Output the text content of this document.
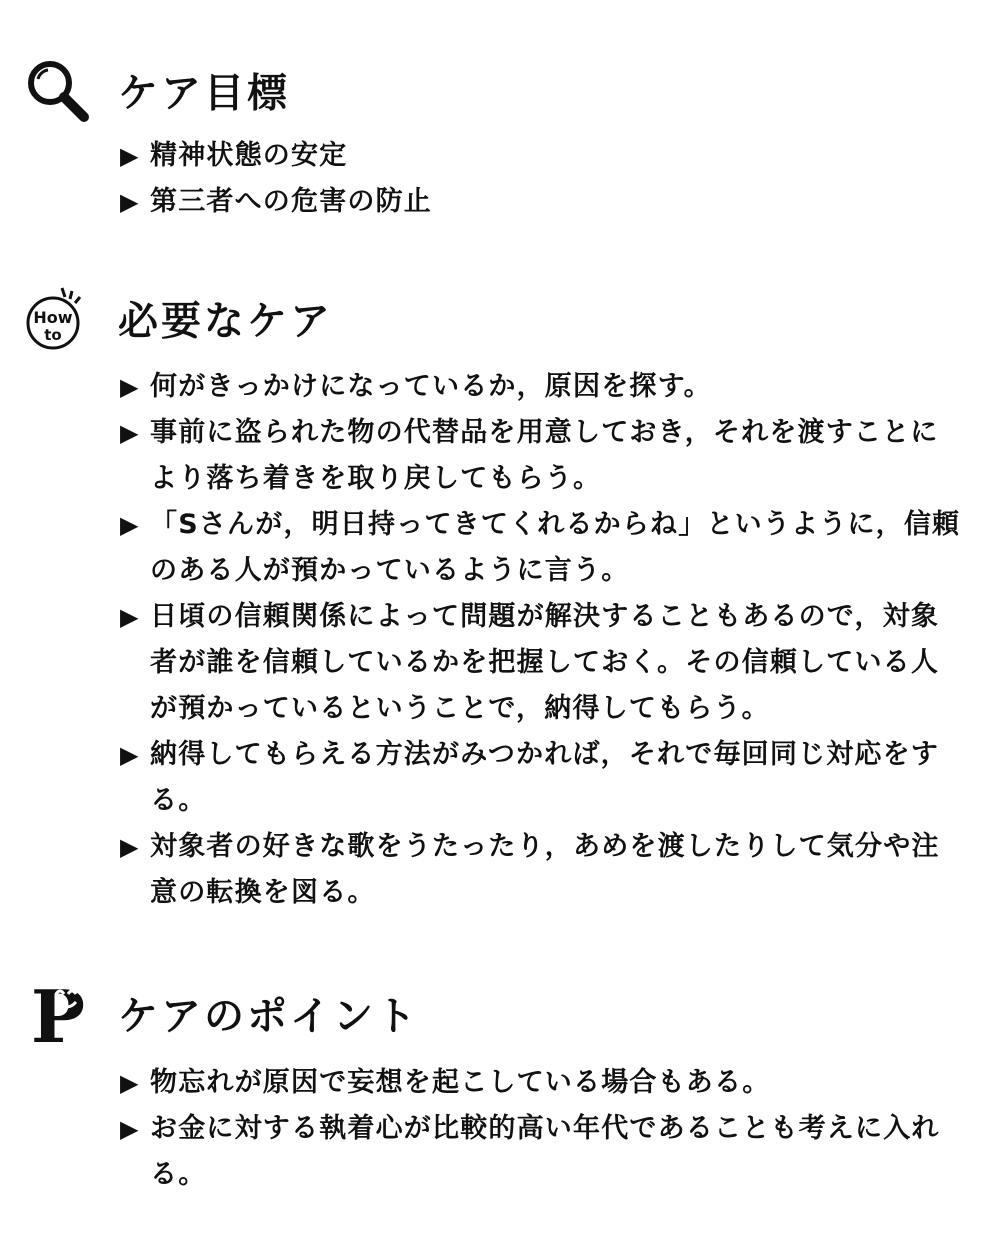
ケア目標
▶ 精神状態の安定
▶ 第三者への危害の防止
How
to 必要なケア
▶ 何がきっかけになっているか，原因を探す。
▶ 事前に盗られた物の代替品を用意しておき，それを渡すことにより落ち着きを取り戻してもらう。
▶ 「Sさんが，明日持ってきてくれるからね」というように，信頼のある人が預かっているように言う。
▶ 日頃の信頼関係によって問題が解決することもあるので，対象者が誰を信頼しているかを把握しておく。その信頼している人が預かっているということで，納得してもらう。
▶ 納得してもらえる方法がみつかれば，それで毎回同じ対応をする。
▶ 対象者の好きな歌をうたったり，あめを渡したりして気分や注意の転換を図る。
P ケアのポイント
▶ 物忘れが原因で妄想を起こしている場合もある。
▶ お金に対する執着心が比較的高い年代であることも考えに入れる。
